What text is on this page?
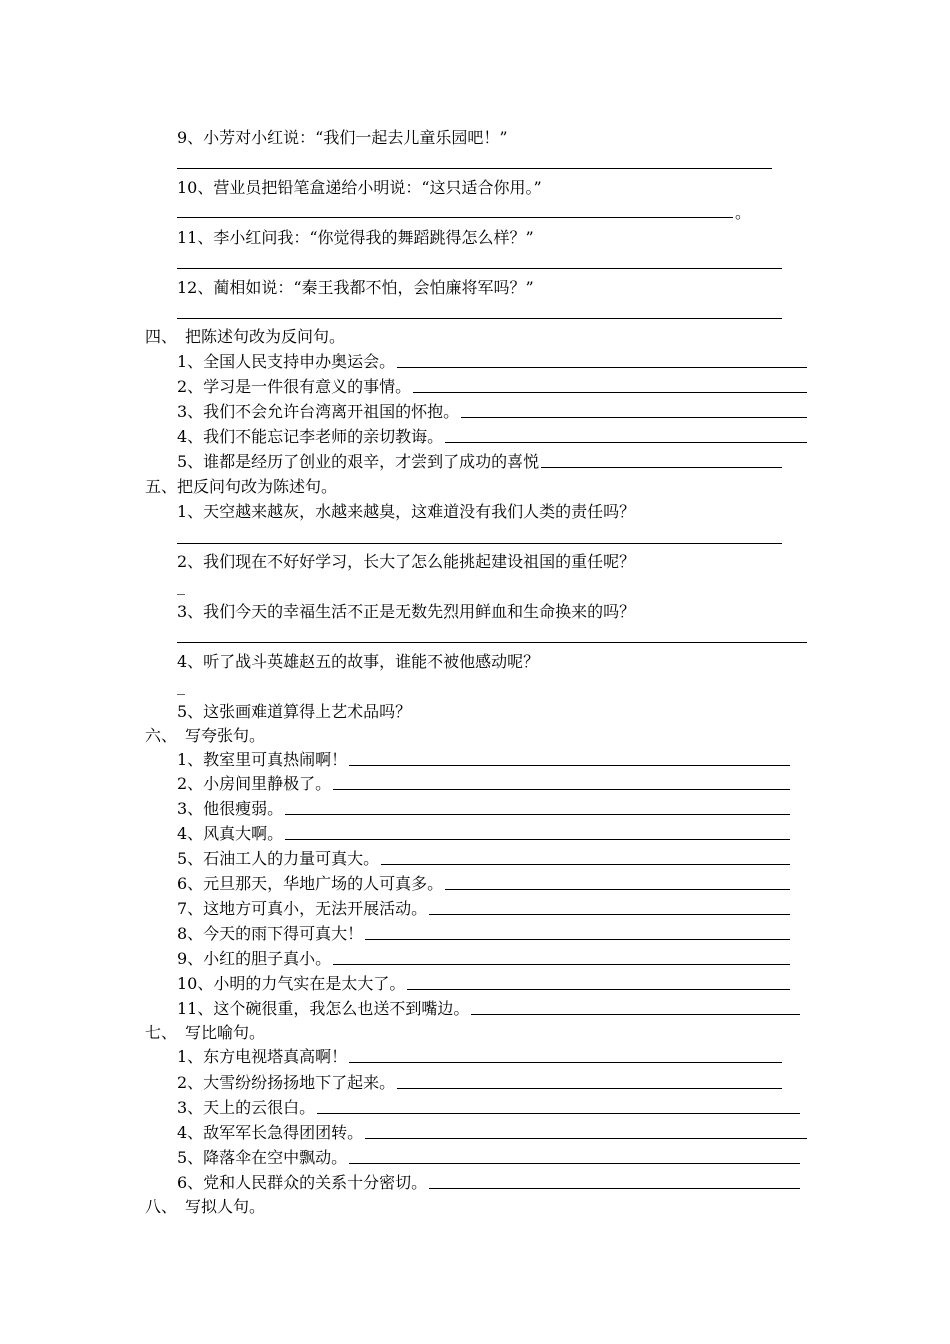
9、小芳对小红说：“我们一起去儿童乐园吧！”
10、营业员把铅笔盒递给小明说：“这只适合你用。”
。
11、李小红问我：“你觉得我的舞蹈跳得怎么样？”
12、蔺相如说：“秦王我都不怕，会怕廉将军吗？”
四、　把陈述句改为反问句。
1、全国人民支持申办奥运会。
2、学习是一件很有意义的事情。
3、我们不会允许台湾离开祖国的怀抱。
4、我们不能忘记李老师的亲切教诲。
5、谁都是经历了创业的艰辛，才尝到了成功的喜悦
五、把反问句改为陈述句。
1、天空越来越灰，水越来越臭，这难道没有我们人类的责任吗？
2、我们现在不好好学习，长大了怎么能挑起建设祖国的重任呢？
_
3、我们今天的幸福生活不正是无数先烈用鲜血和生命换来的吗？
4、听了战斗英雄赵五的故事，谁能不被他感动呢？
_
5、这张画难道算得上艺术品吗？
六、　写夸张句。
1、教室里可真热闹啊！
2、小房间里静极了。
3、他很瘦弱。
4、风真大啊。
5、石油工人的力量可真大。
6、元旦那天，华地广场的人可真多。
7、这地方可真小，无法开展活动。
8、今天的雨下得可真大！
9、小红的胆子真小。
10、小明的力气实在是太大了。
11、这个碗很重，我怎么也送不到嘴边。
七、　写比喻句。
1、东方电视塔真高啊！
2、大雪纷纷扬扬地下了起来。
3、天上的云很白。
4、敌军军长急得团团转。
5、降落伞在空中飘动。
6、党和人民群众的关系十分密切。
八、　写拟人句。
